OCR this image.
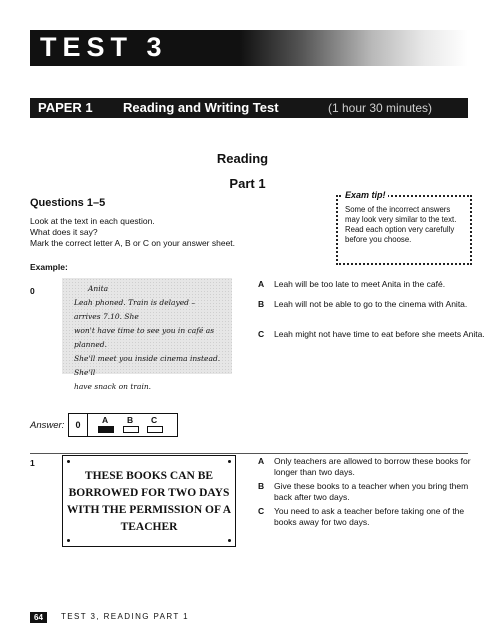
TEST 3
PAPER 1 Reading and Writing Test	(1 hour 30 minutes)
Reading
Part 1
Questions 1–5
Look at the text in each question.
What does it say?
Mark the correct letter A, B or C on your answer sheet.
Example:
Exam tip!
Some of the incorrect answers may look very similar to the text. Read each option very carefully before you choose.
0	Anita
Leah phoned. Train is delayed – arrives 7.10. She
won't have time to see you in café as planned.
She'll meet you inside cinema instead. She'll
have snack on train.
A Leah will be too late to meet Anita in the café.
B Leah will not be able to go to the cinema with Anita.
C Leah might not have time to eat before she meets Anita.
Answer:	0	A B C
1
THESE BOOKS CAN BE
BORROWED FOR TWO DAYS
WITH THE PERMISSION OF A
TEACHER
A Only teachers are allowed to borrow these books for longer than two days.
B Give these books to a teacher when you bring them back after two days.
C You need to ask a teacher before taking one of the books away for two days.
64	TEST 3, READING PART 1
